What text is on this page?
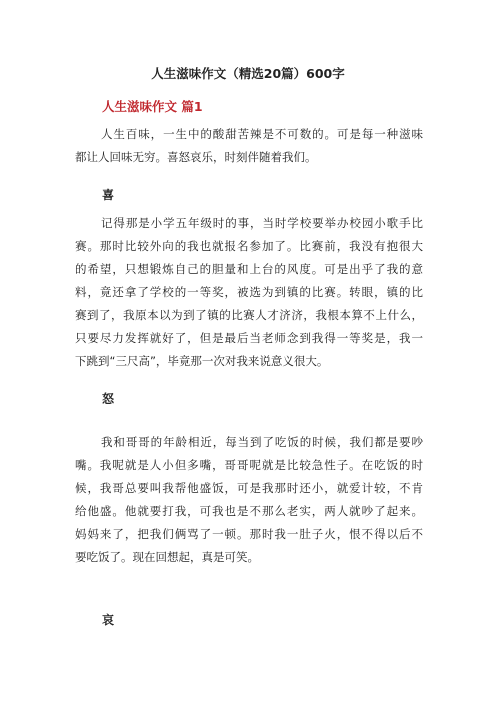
人生滋味作文（精选20篇）600字
人生滋味作文 篇1
人生百味，一生中的酸甜苦辣是不可数的。可是每一种滋味
都让人回味无穷。喜怒哀乐，时刻伴随着我们。
喜
记得那是小学五年级时的事，当时学校要举办校园小歌手比
赛。那时比较外向的我也就报名参加了。比赛前，我没有抱很大
的希望，只想锻炼自己的胆量和上台的风度。可是出乎了我的意
料，竟还拿了学校的一等奖，被选为到镇的比赛。转眼，镇的比
赛到了，我原本以为到了镇的比赛人才济济，我根本算不上什么，
只要尽力发挥就好了，但是最后当老师念到我得一等奖是，我一
下跳到“三尺高”，毕竟那一次对我来说意义很大。
怒
我和哥哥的年龄相近，每当到了吃饭的时候，我们都是要吵
嘴。我呢就是人小但多嘴，哥哥呢就是比较急性子。在吃饭的时
候，我哥总要叫我帮他盛饭，可是我那时还小，就爱计较，不肯
给他盛。他就要打我，可我也是不那么老实，两人就吵了起来。
妈妈来了，把我们俩骂了一顿。那时我一肚子火，恨不得以后不
要吃饭了。现在回想起，真是可笑。
哀
